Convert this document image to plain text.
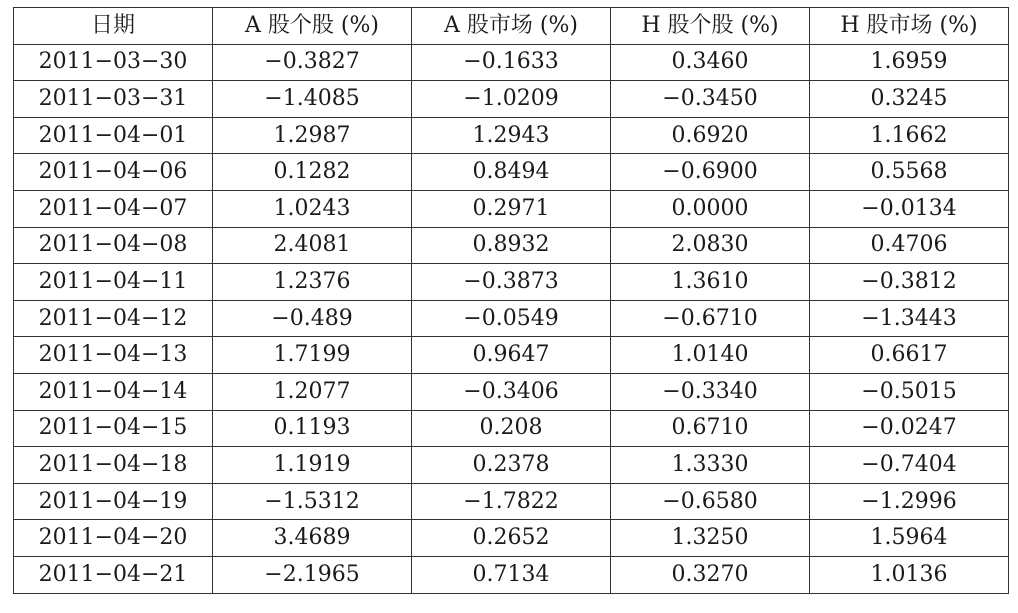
日期	A 股个股 (%)	A 股市场 (%)	H 股个股 (%)	H 股市场 (%)
2011−03−30	−0.3827	−0.1633	0.3460	1.6959
2011−03−31	−1.4085	−1.0209	−0.3450	0.3245
2011−04−01	1.2987	1.2943	0.6920	1.1662
2011−04−06	0.1282	0.8494	−0.6900	0.5568
2011−04−07	1.0243	0.2971	0.0000	−0.0134
2011−04−08	2.4081	0.8932	2.0830	0.4706
2011−04−11	1.2376	−0.3873	1.3610	−0.3812
2011−04−12	−0.489	−0.0549	−0.6710	−1.3443
2011−04−13	1.7199	0.9647	1.0140	0.6617
2011−04−14	1.2077	−0.3406	−0.3340	−0.5015
2011−04−15	0.1193	0.208	0.6710	−0.0247
2011−04−18	1.1919	0.2378	1.3330	−0.7404
2011−04−19	−1.5312	−1.7822	−0.6580	−1.2996
2011−04−20	3.4689	0.2652	1.3250	1.5964
2011−04−21	−2.1965	0.7134	0.3270	1.0136
